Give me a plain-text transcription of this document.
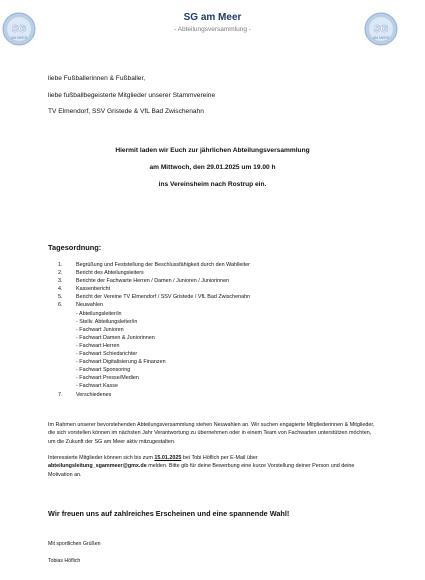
SG
AM MEER
SG
AM MEER
SG am Meer
- Abteilungsversammlung -
liebe Fußballerinnen & Fußballer,
liebe fußballbegeisterte Mitglieder unserer Stammvereine
TV Elmendorf, SSV Gristede & VfL Bad Zwischenahn
Hiermit laden wir Euch zur jährlichen Abteilungsversammlung
am Mittwoch, den 29.01.2025 um 19.00 h
ins Vereinsheim nach Rostrup ein.
Tagesordnung:
1.	Begrüßung und Feststellung der Beschlussfähigkeit durch den Wahlleiter
2.	Bericht des Abteilungsleiters
3.	Berichte der Fachwarte Herren / Damen / Junioren / Juniorinnen
4.	Kassenbericht
5.	Bericht der Vereine TV Elmendorf / SSV Gristede / VfL Bad Zwischenahn
6.	Neuwahlen
- Abteilungsleiter/in
- Stellv. Abteilungsleiter/in
- Fachwart Junioren
- Fachwart Damen & Juniorinnen
- Fachwart Herren
- Fachwart Schiedsrichter
- Fachwart Digitalisierung & Finanzen
- Fachwart Sponsoring
- Fachwart Presse/Medien
- Fachwart Kasse
7.	Verschiedenes
Im Rahmen unserer bevorstehenden Abteilungsversammlung stehen Neuwahlen an. Wir suchen engagierte Mitgliederinnen & Mitglieder, die sich vorstellen können im nächsten Jahr Verantwortung zu übernehmen oder in einem Team von Fachwarten unterstützen möchten, um die Zukunft der SG am Meer aktiv mitzugestalten.
Interessierte Mitglieder können sich bis zum 15.01.2025 bei Tobi Höflich per E-Mail über
abteilungsleitung_sgammeer@gmx.de melden. Bitte gib für deine Bewerbung eine kurze Vorstellung deiner Person und deine Motivation an.
Wir freuen uns auf zahlreiches Erscheinen und eine spannende Wahl!
Mit sportlichen Grüßen
Tobias Höflich
